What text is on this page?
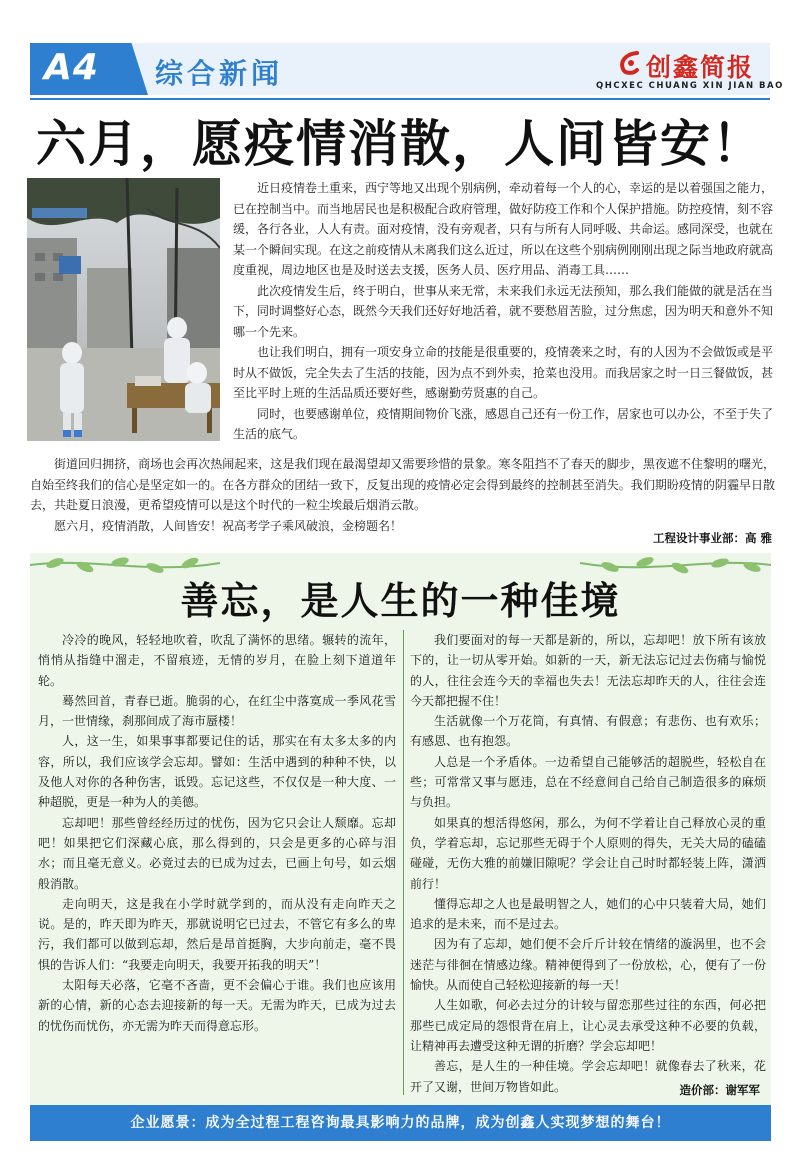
A4 综合新闻	创鑫简报
QHCXEC CHUANG XIN JIAN BAO
六月，愿疫情消散，人间皆安！

近日疫情卷土重来，西宁等地又出现个别病例，牵动着每一个人的心，幸运的是以着强国之能力，已在控制当中。而当地居民也是积极配合政府管理，做好防疫工作和个人保护措施。防控疫情，刻不容缓，各行各业，人人有责。面对疫情，没有旁观者，只有与所有人同呼吸、共命运。感同深受，也就在某一个瞬间实现。在这之前疫情从未离我们这么近过，所以在这些个别病例刚刚出现之际当地政府就高度重视，周边地区也是及时送去支援，医务人员、医疗用品、消毒工具……

此次疫情发生后，终于明白，世事从来无常，未来我们永远无法预知，那么我们能做的就是活在当下，同时调整好心态，既然今天我们还好好地活着，就不要愁眉苦脸，过分焦虑，因为明天和意外不知哪一个先来。

也让我们明白，拥有一项安身立命的技能是很重要的，疫情袭来之时，有的人因为不会做饭或是平时从不做饭，完全失去了生活的技能，因为点不到外卖，抢菜也没用。而我居家之时一日三餐做饭，甚至比平时上班的生活品质还要好些，感谢勤劳贤惠的自己。

同时，也要感谢单位，疫情期间物价飞涨，感恩自己还有一份工作，居家也可以办公，不至于失了生活的底气。

街道回归拥挤，商场也会再次热闹起来，这是我们现在最渴望却又需要珍惜的景象。寒冬阻挡不了春天的脚步，黑夜遮不住黎明的曙光，自始至终我们的信心是坚定如一的。在各方群众的团结一致下，反复出现的疫情必定会得到最终的控制甚至消失。我们期盼疫情的阴霾早日散去，共赴夏日浪漫，更希望疫情可以是这个时代的一粒尘埃最后烟消云散。

愿六月，疫情消散，人间皆安！祝高考学子乘风破浪，金榜题名！

工程设计事业部：高 雅
善忘，是人生的一种佳境

冷冷的晚风，轻轻地吹着，吹乱了满怀的思绪。辗转的流年，悄悄从指缝中溜走，不留痕迹，无情的岁月，在脸上刻下道道年轮。

蓦然回首，青春已逝。脆弱的心，在红尘中落寞成一季风花雪月，一世情缘，刹那间成了海市蜃楼！

人，这一生，如果事事都要记住的话，那实在有太多太多的内容，所以，我们应该学会忘却。譬如：生活中遇到的种种不快，以及他人对你的各种伤害，诋毁。忘记这些，不仅仅是一种大度、一种超脱，更是一种为人的美德。

忘却吧！那些曾经经历过的忧伤，因为它只会让人颓靡。忘却吧！如果把它们深藏心底，那么得到的，只会是更多的心碎与泪水；而且毫无意义。必竟过去的已成为过去，已画上句号，如云烟般消散。

走向明天，这是我在小学时就学到的，而从没有走向昨天之说。是的，昨天即为昨天，那就说明它已过去，不管它有多么的卑污，我们都可以做到忘却，然后是昂首挺胸，大步向前走，毫不畏惧的告诉人们：“我要走向明天，我要开拓我的明天”！

太阳每天必落，它毫不吝啬，更不会偏心于谁。我们也应该用新的心情，新的心态去迎接新的每一天。无需为昨天，已成为过去的忧伤而忧伤，亦无需为昨天而得意忘形。

我们要面对的每一天都是新的，所以，忘却吧！放下所有该放下的，让一切从零开始。如新的一天，新无法忘记过去伤痛与愉悦的人，往往会连今天的幸福也失去！无法忘却昨天的人，往往会连今天都把握不住！

生活就像一个万花筒，有真情、有假意；有悲伤、也有欢乐；有感恩、也有抱怨。

人总是一个矛盾体。一边希望自己能够活的超脱些，轻松自在些；可常常又事与愿违，总在不经意间自己给自己制造很多的麻烦与负担。

如果真的想活得悠闲，那么，为何不学着让自己释放心灵的重负，学着忘却，忘记那些无碍于个人原则的得失，无关大局的磕磕碰碰，无伤大雅的前嫌旧隙呢？学会让自己时时都轻装上阵，潇洒前行！

懂得忘却之人也是最明智之人，她们的心中只装着大局，她们追求的是未来，而不是过去。

因为有了忘却，她们便不会斤斤计较在情绪的漩涡里，也不会迷茫与徘徊在情感边缘。精神便得到了一份放松，心，便有了一份愉快。从而使自己轻松迎接新的每一天！

人生如歌，何必去过分的计较与留恋那些过往的东西，何必把那些已成定局的怨恨背在肩上，让心灵去承受这种不必要的负载，让精神再去遭受这种无谓的折磨？学会忘却吧！

善忘，是人生的一种佳境。学会忘却吧！就像春去了秋来，花开了又谢，世间万物皆如此。	造价部：谢军军
企业愿景：成为全过程工程咨询最具影响力的品牌，成为创鑫人实现梦想的舞台！
